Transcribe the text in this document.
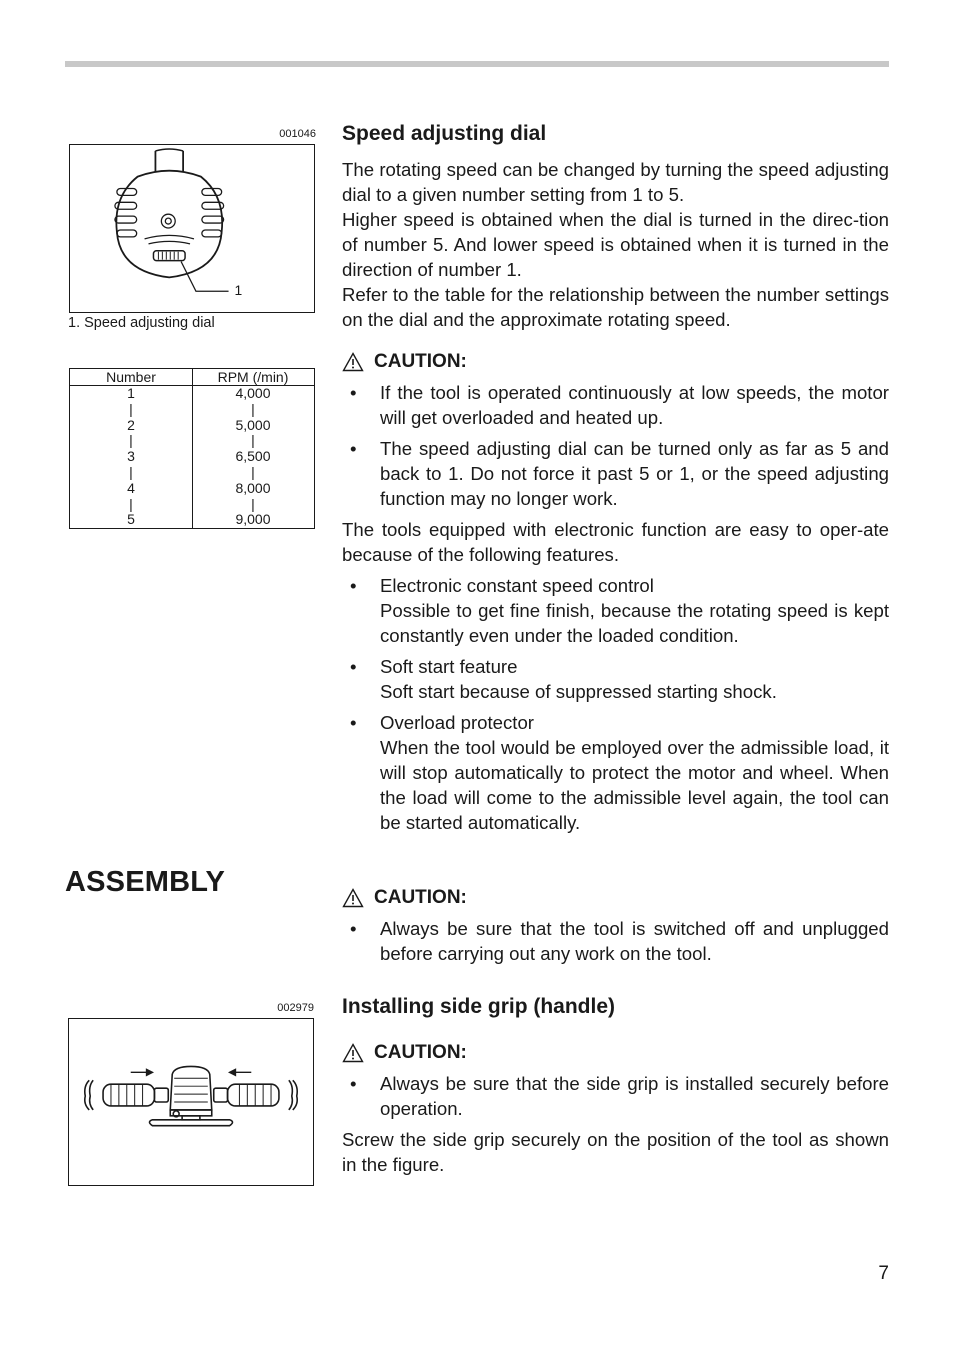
001046
1
1. Speed adjusting dial
Number
1
|
2
|
3
|
4
|
5
RPM (/min)
4,000
|
5,000
|
6,500
|
8,000
|
9,000
Speed adjusting dial

The rotating speed can be changed by turning the speed adjusting dial to a given number setting from 1 to 5.

Higher speed is obtained when the dial is turned in the direc-tion of number 5. And lower speed is obtained when it is turned in the direction of number 1.

Refer to the table for the relationship between the number settings on the dial and the approximate rotating speed.

CAUTION:
• If the tool is operated continuously at low speeds, the motor will get overloaded and heated up.
• The speed adjusting dial can be turned only as far as 5 and back to 1. Do not force it past 5 or 1, or the speed adjusting function may no longer work.

The tools equipped with electronic function are easy to oper-ate because of the following features.

• Electronic constant speed control
Possible to get fine finish, because the rotating speed is kept constantly even under the loaded condition.
• Soft start feature
Soft start because of suppressed starting shock.
• Overload protector
When the tool would be employed over the admissible load, it will stop automatically to protect the motor and wheel. When the load will come to the admissible level again, the tool can be started automatically.
ASSEMBLY	CAUTION:
• Always be sure that the tool is switched off and unplugged before carrying out any work on the tool.
002979 Installing side grip (handle)
CAUTION:
• Always be sure that the side grip is installed securely before operation.

Screw the side grip securely on the position of the tool as shown in the figure.

7
